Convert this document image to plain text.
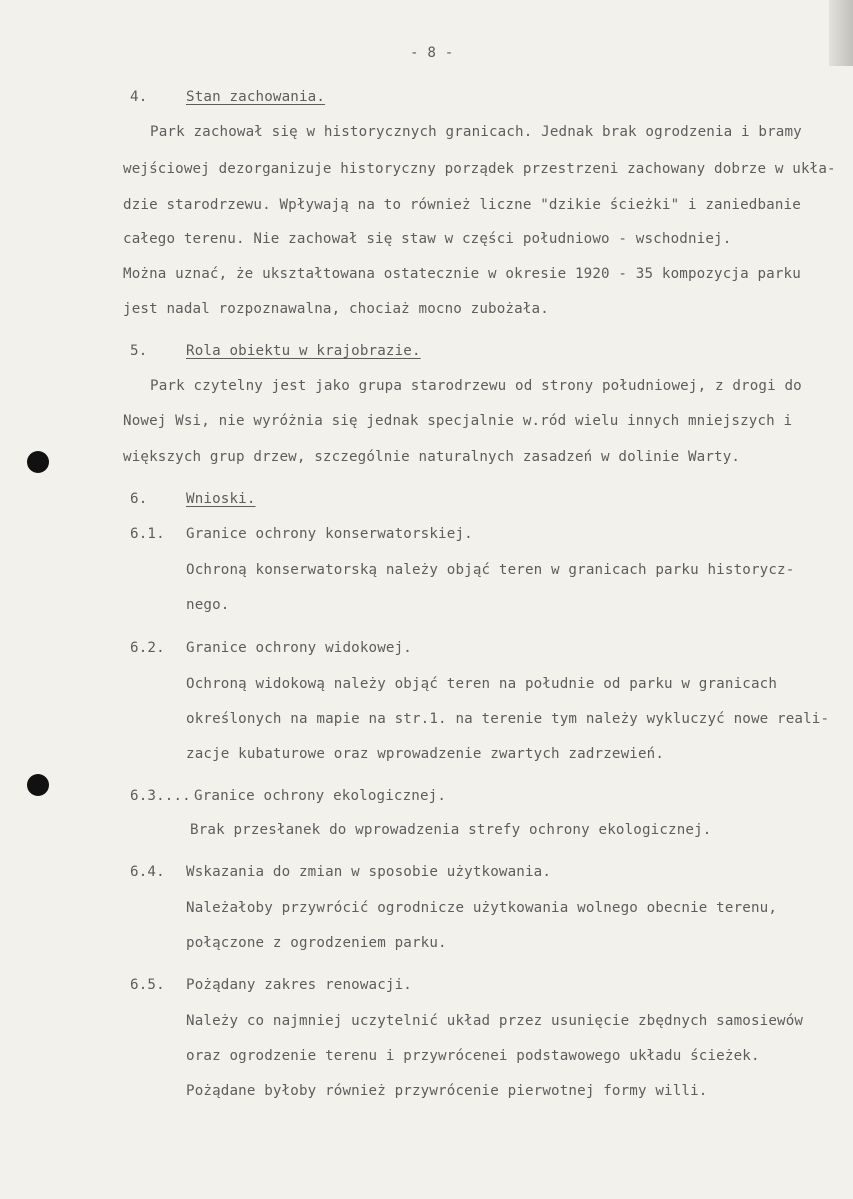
- 8 -
4.	Stan zachowania.
Park zachował się w historycznych granicach. Jednak brak ogrodzenia i bramy
wejściowej dezorganizuje historyczny porządek przestrzeni zachowany dobrze w ukła-
dzie starodrzewu. Wpływają na to również liczne "dzikie ścieżki" i zaniedbanie
całego terenu. Nie zachował się staw w części południowo - wschodniej.
Można uznać, że ukształtowana ostatecznie w okresie 1920 - 35 kompozycja parku
jest nadal rozpoznawalna, chociaż mocno zubożała.
5.	Rola obiektu w krajobrazie.
Park czytelny jest jako grupa starodrzewu od strony południowej, z drogi do
Nowej Wsi, nie wyróżnia się jednak specjalnie w.ród wielu innych mniejszych i
większych grup drzew, szczególnie naturalnych zasadzeń w dolinie Warty.
6.	Wnioski.
6.1. Granice ochrony konserwatorskiej.
Ochroną konserwatorską należy objąć teren w granicach parku historycz-
nego.
6.2. Granice ochrony widokowej.
Ochroną widokową należy objąć teren na południe od parku w granicach
określonych na mapie na str.1. na terenie tym należy wykluczyć nowe reali-
zacje kubaturowe oraz wprowadzenie zwartych zadrzewień.
6.3.... Granice ochrony ekologicznej.
Brak przesłanek do wprowadzenia strefy ochrony ekologicznej.
6.4. Wskazania do zmian w sposobie użytkowania.
Należałoby przywrócić ogrodnicze użytkowania wolnego obecnie terenu,
połączone z ogrodzeniem parku.
6.5. Pożądany zakres renowacji.
Należy co najmniej uczytelnić układ przez usunięcie zbędnych samosiewów
oraz ogrodzenie terenu i przywrócenei podstawowego układu ścieżek.
Pożądane byłoby również przywrócenie pierwotnej formy willi.
